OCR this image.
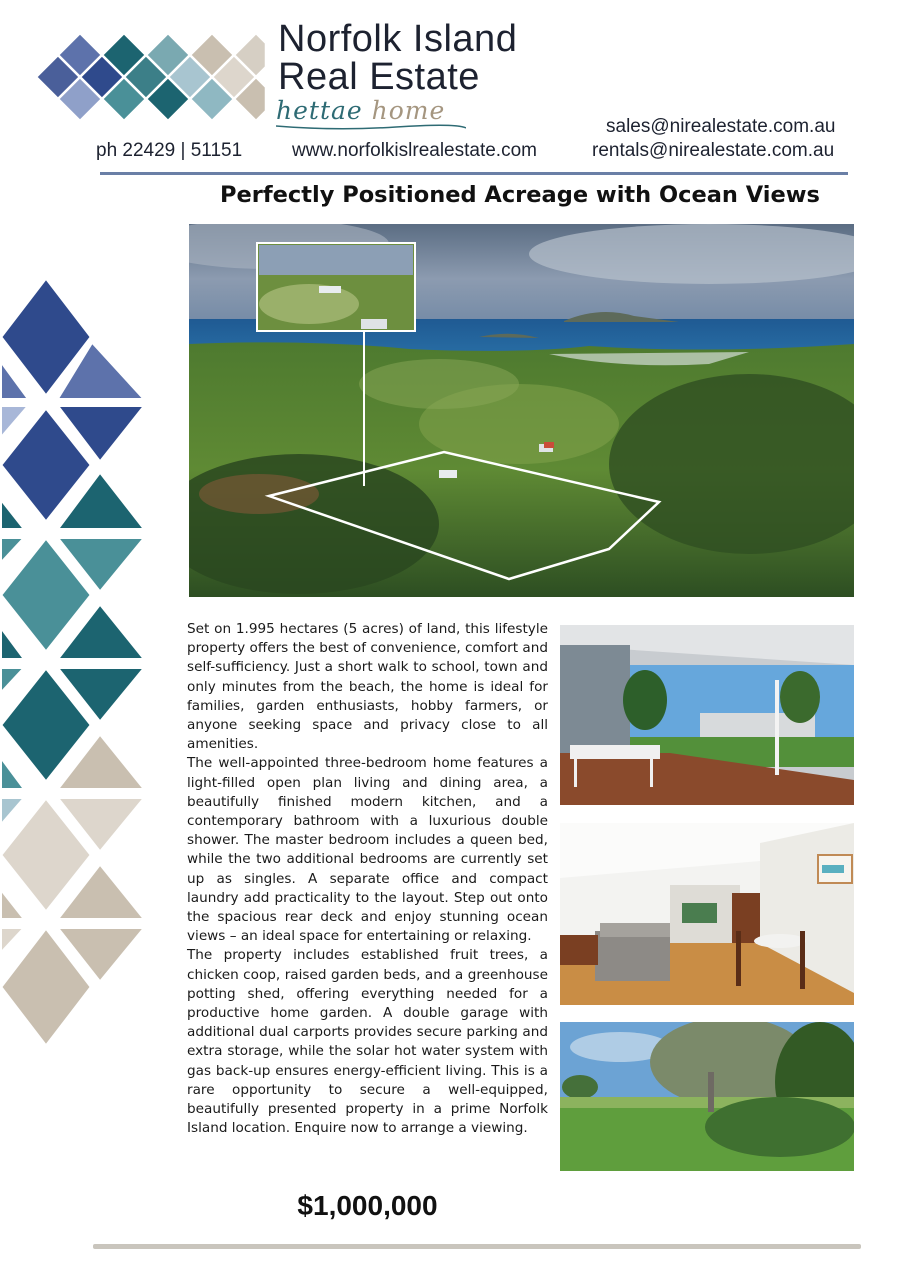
Norfolk Island
Real Estate
hettae home
ph 22429 | 51151	www.norfolkislrealestate.com
sales@nirealestate.com.au
rentals@nirealestate.com.au
Perfectly Positioned Acreage with Ocean Views

Set on 1.995 hectares (5 acres) of land, this lifestyle property offers the best of convenience, comfort and self-sufficiency. Just a short walk to school, town and only minutes from the beach, the home is ideal for families, garden enthusiasts, hobby farmers, or anyone seeking space and privacy close to all amenities.

The well-appointed three-bedroom home features a light-filled open plan living and dining area, a beautifully finished modern kitchen, and a contemporary bathroom with a luxurious double shower. The master bedroom includes a queen bed, while the two additional bedrooms are currently set up as singles. A separate office and compact laundry add practicality to the layout. Step out onto the spacious rear deck and enjoy stunning ocean views – an ideal space for entertaining or relaxing.

The property includes established fruit trees, a chicken coop, raised garden beds, and a greenhouse potting shed, offering everything needed for a productive home garden. A double garage with additional dual carports provides secure parking and extra storage, while the solar hot water system with gas back-up ensures energy-efficient living. This is a rare opportunity to secure a well-equipped, beautifully presented property in a prime Norfolk Island location. Enquire now to arrange a viewing.

$1,000,000
